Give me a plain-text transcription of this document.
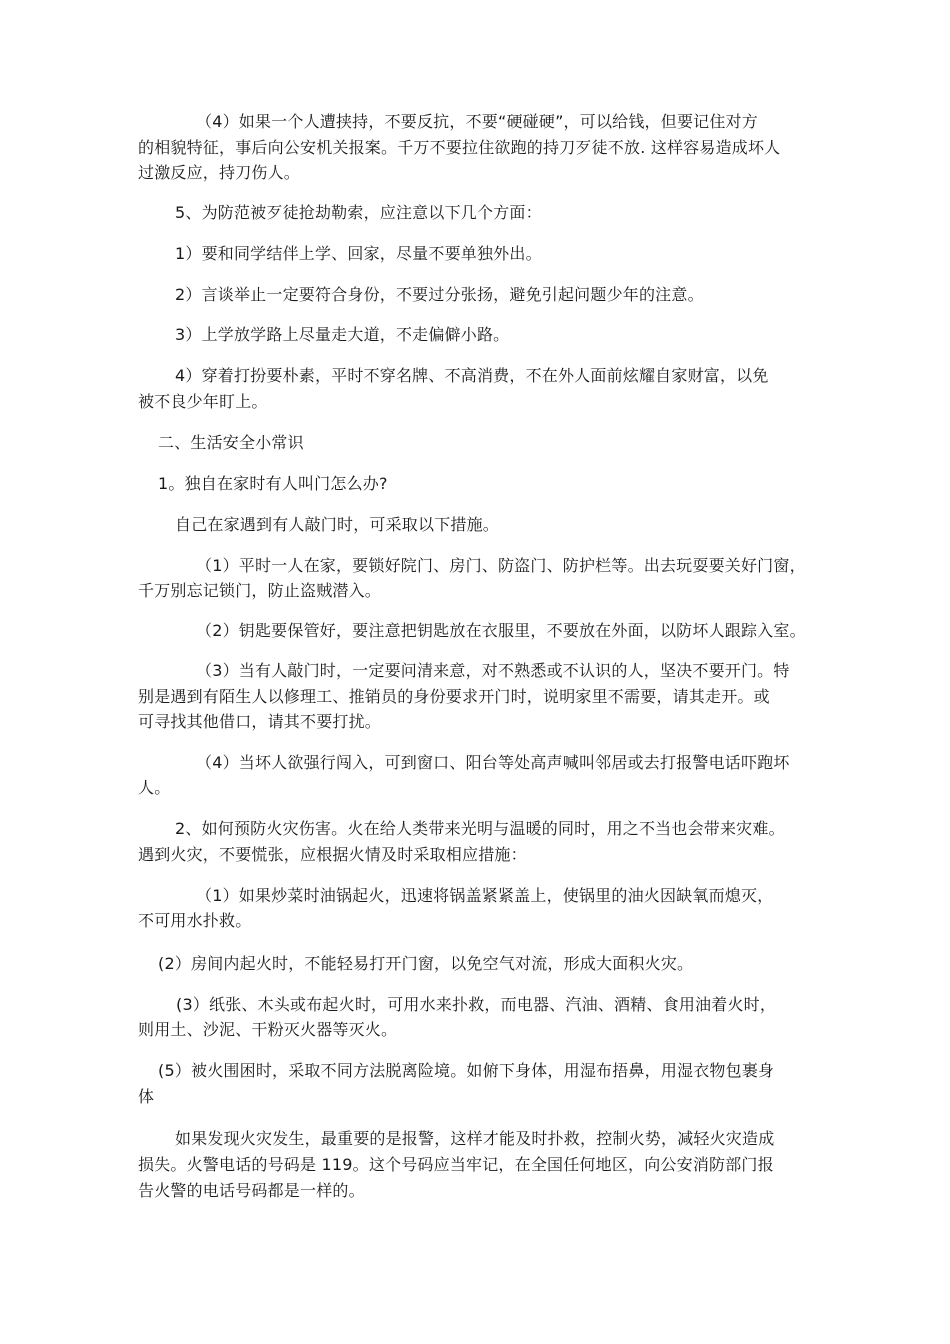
（4）如果一个人遭挟持，不要反抗，不要“硬碰硬”，可以给钱，但要记住对方
的相貌特征，事后向公安机关报案。千万不要拉住欲跑的持刀歹徒不放. 这样容易造成坏人
过激反应，持刀伤人。
5、为防范被歹徒抢劫勒索，应注意以下几个方面：
1）要和同学结伴上学、回家，尽量不要单独外出。
2）言谈举止一定要符合身份，不要过分张扬，避免引起问题少年的注意。
3）上学放学路上尽量走大道，不走偏僻小路。
4）穿着打扮要朴素，平时不穿名牌、不高消费，不在外人面前炫耀自家财富，以免
被不良少年盯上。
二、生活安全小常识
1。独自在家时有人叫门怎么办?
自己在家遇到有人敲门时，可采取以下措施。
（1）平时一人在家，要锁好院门、房门、防盗门、防护栏等。出去玩耍要关好门窗，
千万别忘记锁门，防止盗贼潜入。
（2）钥匙要保管好，要注意把钥匙放在衣服里，不要放在外面，以防坏人跟踪入室。
（3）当有人敲门时，一定要问清来意，对不熟悉或不认识的人，坚决不要开门。特
别是遇到有陌生人以修理工、推销员的身份要求开门时，说明家里不需要，请其走开。或
可寻找其他借口，请其不要打扰。
（4）当坏人欲强行闯入，可到窗口、阳台等处高声喊叫邻居或去打报警电话吓跑坏
人。
2、如何预防火灾伤害。火在给人类带来光明与温暖的同时，用之不当也会带来灾难。
遇到火灾，不要慌张，应根据火情及时采取相应措施：
（1）如果炒菜时油锅起火，迅速将锅盖紧紧盖上，使锅里的油火因缺氧而熄灭，
不可用水扑救。
(2）房间内起火时，不能轻易打开门窗，以免空气对流，形成大面积火灾。
(3）纸张、木头或布起火时，可用水来扑救，而电器、汽油、酒精、食用油着火时，
则用土、沙泥、干粉灭火器等灭火。
(5）被火围困时，采取不同方法脱离险境。如俯下身体，用湿布捂鼻，用湿衣物包裹身
体
如果发现火灾发生，最重要的是报警，这样才能及时扑救，控制火势，减轻火灾造成
损失。火警电话的号码是 119。这个号码应当牢记，在全国任何地区，向公安消防部门报
告火警的电话号码都是一样的。
